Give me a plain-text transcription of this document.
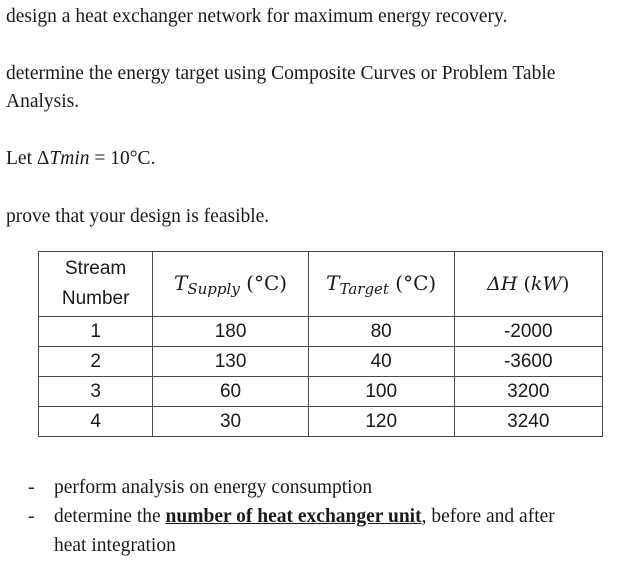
design a heat exchanger network for maximum energy recovery.
determine the energy target using Composite Curves or Problem Table
Analysis.
Let ΔTmin = 10°C.
prove that your design is feasible.
Stream
Number	$T_{Supply}$ (°C)	$T_{Target}$ (°C)	ΔH (kW)
1	180	80	-2000
2	130	40	-3600
3	60	100	3200
4	30	120	3240
- perform analysis on energy consumption
- determine the number of heat exchanger unit, before and after
heat integration
